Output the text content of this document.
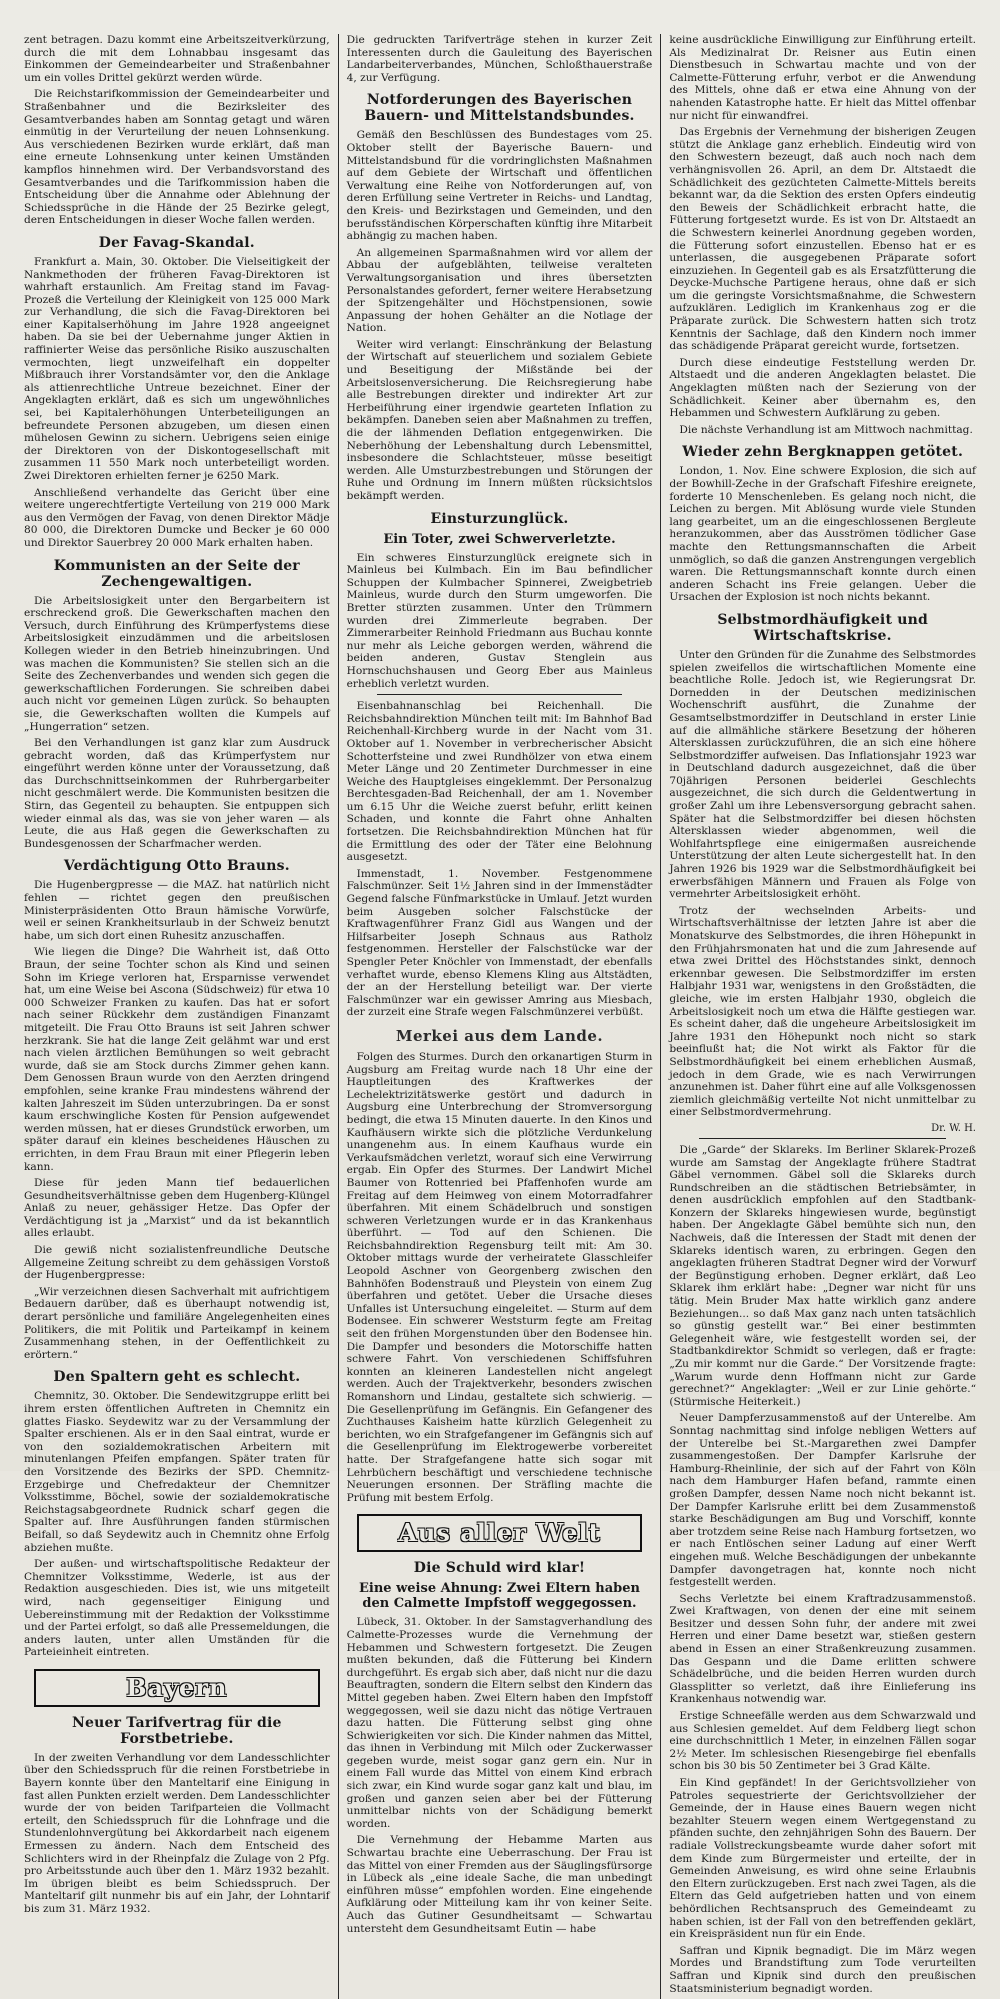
zent betragen. Dazu kommt eine Arbeitszeitverkürzung, durch die mit dem Lohnabbau insgesamt das Einkommen der Gemeindearbeiter und Straßenbahner um ein volles Drittel gekürzt werden würde.

Die Reichstarifkommission der Gemeindearbeiter und Straßenbahner und die Bezirksleiter des Gesamtverbandes haben am Sonntag getagt und wären einmütig in der Verurteilung der neuen Lohnsenkung. Aus verschiedenen Bezirken wurde erklärt, daß man eine erneute Lohnsenkung unter keinen Umständen kampflos hinnehmen wird. Der Verbandsvorstand des Gesamtverbandes und die Tarifkommission haben die Entscheidung über die Annahme oder Ablehnung der Schiedssprüche in die Hände der 25 Bezirke gelegt, deren Entscheidungen in dieser Woche fallen werden.

Der Favag-Skandal.

Frankfurt a. Main, 30. Oktober. Die Vielseitigkeit der Nankmethoden der früheren Favag-Direktoren ist wahrhaft erstaunlich. Am Freitag stand im Favag-Prozeß die Verteilung der Kleinigkeit von 125 000 Mark zur Verhandlung, die sich die Favag-Direktoren bei einer Kapitalserhöhung im Jahre 1928 angeeignet haben. Da sie bei der Uebernahme junger Aktien in raffinierter Weise das persönliche Risiko auszuschalten vermochten, liegt unzweifelhaft ein doppelter Mißbrauch ihrer Vorstandsämter vor, den die Anklage als attienrechtliche Untreue bezeichnet. Einer der Angeklagten erklärt, daß es sich um ungewöhnliches sei, bei Kapitalerhöhungen Unterbeteiligungen an befreundete Personen abzugeben, um diesen einen mühelosen Gewinn zu sichern. Uebrigens seien einige der Direktoren von der Diskontogesellschaft mit zusammen 11 550 Mark noch unterbeteiligt worden. Zwei Direktoren erhielten ferner je 6250 Mark.

Anschließend verhandelte das Gericht über eine weitere ungerechtfertigte Verteilung von 219 000 Mark aus den Vermögen der Favag, von denen Direktor Mädje 80 000, die Direktoren Dumcke und Becker je 60 000 und Direktor Sauerbrey 20 000 Mark erhalten haben.

Kommunisten an der Seite der Zechengewaltigen.

Die Arbeitslosigkeit unter den Bergarbeitern ist erschreckend groß. Die Gewerkschaften machen den Versuch, durch Einführung des Krümperfystems diese Arbeitslosigkeit einzudämmen und die arbeitslosen Kollegen wieder in den Betrieb hineinzubringen. Und was machen die Kommunisten? Sie stellen sich an die Seite des Zechenverbandes und wenden sich gegen die gewerkschaftlichen Forderungen. Sie schreiben dabei auch nicht vor gemeinen Lügen zurück. So behaupten sie, die Gewerkschaften wollten die Kumpels auf „Hungerration“ setzen.

Bei den Verhandlungen ist ganz klar zum Ausdruck gebracht worden, daß das Krümperfystem nur eingeführt werden könne unter der Voraussetzung, daß das Durchschnittseinkommen der Ruhrbergarbeiter nicht geschmälert werde. Die Kommunisten besitzen die Stirn, das Gegenteil zu behaupten. Sie entpuppen sich wieder einmal als das, was sie von jeher waren — als Leute, die aus Haß gegen die Gewerkschaften zu Bundesgenossen der Scharfmacher werden.

Verdächtigung Otto Brauns.

Die Hugenbergpresse — die MAZ. hat natürlich nicht fehlen — richtet gegen den preußischen Ministerpräsidenten Otto Braun hämische Vorwürfe, weil er seinen Krankheitsurlaub in der Schweiz benutzt habe, um sich dort einen Ruhesitz anzuschaffen.

Wie liegen die Dinge? Die Wahrheit ist, daß Otto Braun, der seine Tochter schon als Kind und seinen Sohn im Kriege verloren hat, Ersparnisse verwendet hat, um eine Weise bei Ascona (Südschweiz) für etwa 10 000 Schweizer Franken zu kaufen. Das hat er sofort nach seiner Rückkehr dem zuständigen Finanzamt mitgeteilt. Die Frau Otto Brauns ist seit Jahren schwer herzkrank. Sie hat die lange Zeit gelähmt war und erst nach vielen ärztlichen Bemühungen so weit gebracht wurde, daß sie am Stock durchs Zimmer gehen kann. Dem Genossen Braun wurde von den Aerzten dringend empfohlen, seine kranke Frau mindestens während der kalten Jahreszeit im Süden unterzubringen. Da er sonst kaum erschwingliche Kosten für Pension aufgewendet werden müssen, hat er dieses Grundstück erworben, um später darauf ein kleines bescheidenes Häuschen zu errichten, in dem Frau Braun mit einer Pflegerin leben kann.

Diese für jeden Mann tief bedauerlichen Gesundheitsverhältnisse geben dem Hugenberg-Klüngel Anlaß zu neuer, gehässiger Hetze. Das Opfer der Verdächtigung ist ja „Marxist“ und da ist bekanntlich alles erlaubt.

Die gewiß nicht sozialistenfreundliche Deutsche Allgemeine Zeitung schreibt zu dem gehässigen Vorstoß der Hugenbergpresse:

„Wir verzeichnen diesen Sachverhalt mit aufrichtigem Bedauern darüber, daß es überhaupt notwendig ist, derart persönliche und familiäre Angelegenheiten eines Politikers, die mit Politik und Parteikampf in keinem Zusammenhang stehen, in der Oeffentlichkeit zu erörtern.“

Den Spaltern geht es schlecht.

Chemnitz, 30. Oktober. Die Sendewitzgruppe erlitt bei ihrem ersten öffentlichen Auftreten in Chemnitz ein glattes Fiasko. Seydewitz war zu der Versammlung der Spalter erschienen. Als er in den Saal eintrat, wurde er von den sozialdemokratischen Arbeitern mit minutenlangen Pfeifen empfangen. Später traten für den Vorsitzende des Bezirks der SPD. Chemnitz-Erzgebirge und Chefredakteur der Chemnitzer Volksstimme, Böchel, sowie der sozialdemokratische Reichstagsabgeordnete Rudnick scharf gegen die Spalter auf. Ihre Ausführungen fanden stürmischen Beifall, so daß Seydewitz auch in Chemnitz ohne Erfolg abziehen mußte.

Der außen- und wirtschaftspolitische Redakteur der Chemnitzer Volksstimme, Wederle, ist aus der Redaktion ausgeschieden. Dies ist, wie uns mitgeteilt wird, nach gegenseitiger Einigung und Uebereinstimmung mit der Redaktion der Volksstimme und der Partei erfolgt, so daß alle Pressemeldungen, die anders lauten, unter allen Umständen für die Parteieinheit eintreten.

Bayern
Neuer Tarifvertrag für die Forstbetriebe.

In der zweiten Verhandlung vor dem Landesschlichter über den Schiedsspruch für die reinen Forstbetriebe in Bayern konnte über den Manteltarif eine Einigung in fast allen Punkten erzielt werden. Dem Landesschlichter wurde der von beiden Tarifparteien die Vollmacht erteilt, den Schiedsspruch für die Lohnfrage und die Stundenlohnvergütung bei Akkordarbeit nach eigenem Ermessen zu ändern. Nach dem Entscheid des Schlichters wird in der Rheinpfalz die Zulage von 2 Pfg. pro Arbeitsstunde auch über den 1. März 1932 bezahlt. Im übrigen bleibt es beim Schiedsspruch. Der Manteltarif gilt nunmehr bis auf ein Jahr, der Lohntarif bis zum 31. März 1932.

Die gedruckten Tarifverträge stehen in kurzer Zeit Interessenten durch die Gauleitung des Bayerischen Landarbeiterverbandes, München, Schloßthauerstraße 4, zur Verfügung.

Notforderungen des Bayerischen Bauern- und Mittelstandsbundes.

Gemäß den Beschlüssen des Bundestages vom 25. Oktober stellt der Bayerische Bauern- und Mittelstandsbund für die vordringlichsten Maßnahmen auf dem Gebiete der Wirtschaft und öffentlichen Verwaltung eine Reihe von Notforderungen auf, von deren Erfüllung seine Vertreter in Reichs- und Landtag, den Kreis- und Bezirkstagen und Gemeinden, und den berufsständischen Körperschaften künftig ihre Mitarbeit abhängig zu machen haben.

An allgemeinen Sparmaßnahmen wird vor allem der Abbau der aufgeblähten, teilweise veralteten Verwaltungsorganisation und ihres übersetzten Personalstandes gefordert, ferner weitere Herabsetzung der Spitzengehälter und Höchstpensionen, sowie Anpassung der hohen Gehälter an die Notlage der Nation.

Weiter wird verlangt: Einschränkung der Belastung der Wirtschaft auf steuerlichem und sozialem Gebiete und Beseitigung der Mißstände bei der Arbeitslosenversicherung. Die Reichsregierung habe alle Bestrebungen direkter und indirekter Art zur Herbeiführung einer irgendwie gearteten Inflation zu bekämpfen. Daneben seien aber Maßnahmen zu treffen, die der lähmenden Deflation entgegenwirken. Die Neberhöhung der Lebenshaltung durch Lebensmittel, insbesondere die Schlachtsteuer, müsse beseitigt werden. Alle Umsturzbestrebungen und Störungen der Ruhe und Ordnung im Innern müßten rücksichtslos bekämpft werden.

Einsturzunglück.
Ein Toter, zwei Schwerverletzte.

Ein schweres Einsturzunglück ereignete sich in Mainleus bei Kulmbach. Ein im Bau befindlicher Schuppen der Kulmbacher Spinnerei, Zweigbetrieb Mainleus, wurde durch den Sturm umgeworfen. Die Bretter stürzten zusammen. Unter den Trümmern wurden drei Zimmerleute begraben. Der Zimmerarbeiter Reinhold Friedmann aus Buchau konnte nur mehr als Leiche geborgen werden, während die beiden anderen, Gustav Stenglein aus Hornschuchshausen und Georg Eber aus Mainleus erheblich verletzt wurden.

Eisenbahnanschlag bei Reichenhall. Die Reichsbahndirektion München teilt mit: Im Bahnhof Bad Reichenhall-Kirchberg wurde in der Nacht vom 31. Oktober auf 1. November in verbrecherischer Absicht Schotterfsteine und zwei Rundhölzer von etwa einem Meter Länge und 20 Zentimeter Durchmesser in eine Weiche des Hauptgleises eingeklemmt. Der Personalzug Berchtesgaden-Bad Reichenhall, der am 1. November um 6.15 Uhr die Weiche zuerst befuhr, erlitt keinen Schaden, und konnte die Fahrt ohne Anhalten fortsetzen. Die Reichsbahndirektion München hat für die Ermittlung des oder der Täter eine Belohnung ausgesetzt.

Immenstadt, 1. November. Festgenommene Falschmünzer. Seit 1½ Jahren sind in der Immenstädter Gegend falsche Fünfmarkstücke in Umlauf. Jetzt wurden beim Ausgeben solcher Falschstücke der Kraftwagenführer Franz Gidl aus Wangen und der Hilfsarbeiter Joseph Schnaus aus Ratholz festgenommen. Hersteller der Falschstücke war der Spengler Peter Knöchler von Immenstadt, der ebenfalls verhaftet wurde, ebenso Klemens Kling aus Altstädten, der an der Herstellung beteiligt war. Der vierte Falschmünzer war ein gewisser Amring aus Miesbach, der zurzeit eine Strafe wegen Falschmünzerei verbüßt.

Merkei aus dem Lande.

Folgen des Sturmes. Durch den orkanartigen Sturm in Augsburg am Freitag wurde nach 18 Uhr eine der Hauptleitungen des Kraftwerkes der Lechelektrizitätswerke gestört und dadurch in Augsburg eine Unterbrechung der Stromversorgung bedingt, die etwa 15 Minuten dauerte. In den Kinos und Kaufhäusern wirkte sich die plötzliche Verdunkelung unangenehm aus. In einem Kaufhaus wurde ein Verkaufsmädchen verletzt, worauf sich eine Verwirrung ergab. Ein Opfer des Sturmes. Der Landwirt Michel Baumer von Rottenried bei Pfaffenhofen wurde am Freitag auf dem Heimweg von einem Motorradfahrer überfahren. Mit einem Schädelbruch und sonstigen schweren Verletzungen wurde er in das Krankenhaus überführt. — Tod auf den Schienen. Die Reichsbahndirektion Regensburg teilt mit: Am 30. Oktober mittags wurde der verheiratete Glasschleifer Leopold Aschner von Georgenberg zwischen den Bahnhöfen Bodenstrauß und Pleystein von einem Zug überfahren und getötet. Ueber die Ursache dieses Unfalles ist Untersuchung eingeleitet. — Sturm auf dem Bodensee. Ein schwerer Weststurm fegte am Freitag seit den frühen Morgenstunden über den Bodensee hin. Die Dampfer und besonders die Motorschiffe hatten schwere Fahrt. Von verschiedenen Schiffsfuhren konnten an kleineren Landestellen nicht angelegt werden. Auch der Trajektverkehr, besonders zwischen Romanshorn und Lindau, gestaltete sich schwierig. — Die Gesellenprüfung im Gefängnis. Ein Gefangener des Zuchthauses Kaisheim hatte kürzlich Gelegenheit zu berichten, wo ein Strafgefangener im Gefängnis sich auf die Gesellenprüfung im Elektrogewerbe vorbereitet hatte. Der Strafgefangene hatte sich sogar mit Lehrbüchern beschäftigt und verschiedene technische Neuerungen ersonnen. Der Sträfling machte die Prüfung mit bestem Erfolg.

Aus aller Welt
Die Schuld wird klar!
Eine weise Ahnung: Zwei Eltern haben den Calmette Impfstoff weggegossen.

Lübeck, 31. Oktober. In der Samstagverhandlung des Calmette-Prozesses wurde die Vernehmung der Hebammen und Schwestern fortgesetzt. Die Zeugen mußten bekunden, daß die Fütterung bei Kindern durchgeführt. Es ergab sich aber, daß nicht nur die dazu Beauftragten, sondern die Eltern selbst den Kindern das Mittel gegeben haben. Zwei Eltern haben den Impfstoff weggegossen, weil sie dazu nicht das nötige Vertrauen dazu hatten. Die Fütterung selbst ging ohne Schwierigkeiten vor sich. Die Kinder nahmen das Mittel, das ihnen in Verbindung mit Milch oder Zuckerwasser gegeben wurde, meist sogar ganz gern ein. Nur in einem Fall wurde das Mittel von einem Kind erbrach sich zwar, ein Kind wurde sogar ganz kalt und blau, im großen und ganzen seien aber bei der Fütterung unmittelbar nichts von der Schädigung bemerkt worden.

Die Vernehmung der Hebamme Marten aus Schwartau brachte eine Ueberraschung. Der Frau ist das Mittel von einer Fremden aus der Säuglingsfürsorge in Lübeck als „eine ideale Sache, die man unbedingt einführen müsse“ empfohlen worden. Eine eingehende Aufklärung oder Mitteilung kam ihr von keiner Seite. Auch das Gutiner Gesundheitsamt — Schwartau untersteht dem Gesundheitsamt Eutin — habe

keine ausdrückliche Einwilligung zur Einführung erteilt. Als Medizinalrat Dr. Reisner aus Eutin einen Dienstbesuch in Schwartau machte und von der Calmette-Fütterung erfuhr, verbot er die Anwendung des Mittels, ohne daß er etwa eine Ahnung von der nahenden Katastrophe hatte. Er hielt das Mittel offenbar nur nicht für einwandfrei.

Das Ergebnis der Vernehmung der bisherigen Zeugen stützt die Anklage ganz erheblich. Eindeutig wird von den Schwestern bezeugt, daß auch noch nach dem verhängnisvollen 26. April, an dem Dr. Altstaedt die Schädlichkeit des gezüchteten Calmette-Mittels bereits bekannt war, da die Sektion des ersten Opfers eindeutig den Beweis der Schädlichkeit erbracht hatte, die Fütterung fortgesetzt wurde. Es ist von Dr. Altstaedt an die Schwestern keinerlei Anordnung gegeben worden, die Fütterung sofort einzustellen. Ebenso hat er es unterlassen, die ausgegebenen Präparate sofort einzuziehen. In Gegenteil gab es als Ersatzfütterung die Deycke-Muchsche Partigene heraus, ohne daß er sich um die geringste Vorsichtsmaßnahme, die Schwestern aufzuklären. Lediglich im Krankenhaus zog er die Präparate zurück. Die Schwestern hatten sich trotz Kenntnis der Sachlage, daß den Kindern noch immer das schädigende Präparat gereicht wurde, fortsetzen.

Durch diese eindeutige Feststellung werden Dr. Altstaedt und die anderen Angeklagten belastet. Die Angeklagten müßten nach der Sezierung von der Schädlichkeit. Keiner aber übernahm es, den Hebammen und Schwestern Aufklärung zu geben.

Die nächste Verhandlung ist am Mittwoch nachmittag.

Wieder zehn Bergknappen getötet.

London, 1. Nov. Eine schwere Explosion, die sich auf der Bowhill-Zeche in der Grafschaft Fifeshire ereignete, forderte 10 Menschenleben. Es gelang noch nicht, die Leichen zu bergen. Mit Ablösung wurde viele Stunden lang gearbeitet, um an die eingeschlossenen Bergleute heranzukommen, aber das Ausströmen tödlicher Gase machte den Rettungsmannschaften die Arbeit unmöglich, so daß die ganzen Anstrengungen vergeblich waren. Die Rettungsmannschaft konnte durch einen anderen Schacht ins Freie gelangen. Ueber die Ursachen der Explosion ist noch nichts bekannt.

Selbstmordhäufigkeit und Wirtschaftskrise.

Unter den Gründen für die Zunahme des Selbstmordes spielen zweifellos die wirtschaftlichen Momente eine beachtliche Rolle. Jedoch ist, wie Regierungsrat Dr. Dornedden in der Deutschen medizinischen Wochenschrift ausführt, die Zunahme der Gesamtselbstmordziffer in Deutschland in erster Linie auf die allmähliche stärkere Besetzung der höheren Altersklassen zurückzuführen, die an sich eine höhere Selbstmordziffer aufweisen. Das Inflationsjahr 1923 war in Deutschland dadurch ausgezeichnet, daß die über 70jährigen Personen beiderlei Geschlechts ausgezeichnet, die sich durch die Geldentwertung in großer Zahl um ihre Lebensversorgung gebracht sahen. Später hat die Selbstmordziffer bei diesen höchsten Altersklassen wieder abgenommen, weil die Wohlfahrtspflege eine einigermaßen ausreichende Unterstützung der alten Leute sichergestellt hat. In den Jahren 1926 bis 1929 war die Selbstmordhäufigkeit bei erwerbsfähigen Männern und Frauen als Folge von vermehrter Arbeitslosigkeit erhöht.

Trotz der wechselnden Arbeits- und Wirtschaftsverhältnisse der letzten Jahre ist aber die Monatskurve des Selbstmordes, die ihren Höhepunkt in den Frühjahrsmonaten hat und die zum Jahresende auf etwa zwei Drittel des Höchststandes sinkt, dennoch erkennbar gewesen. Die Selbstmordziffer im ersten Halbjahr 1931 war, wenigstens in den Großstädten, die gleiche, wie im ersten Halbjahr 1930, obgleich die Arbeitslosigkeit noch um etwa die Hälfte gestiegen war. Es scheint daher, daß die ungeheure Arbeitslosigkeit im Jahre 1931 den Höhepunkt noch nicht so stark beeinflußt hat; die Not wirkt als Faktor für die Selbstmordhäufigkeit bei einem erheblichen Ausmaß, jedoch in dem Grade, wie es nach Verwirrungen anzunehmen ist. Daher führt eine auf alle Volksgenossen ziemlich gleichmäßig verteilte Not nicht unmittelbar zu einer Selbstmordvermehrung.

Dr. W. H.

Die „Garde“ der Sklareks. Im Berliner Sklarek-Prozeß wurde am Samstag der Angeklagte frühere Stadtrat Gäbel vernommen. Gäbel soll die Sklareks durch Rundschreiben an die städtischen Betriebsämter, in denen ausdrücklich empfohlen auf den Stadtbank-Konzern der Sklareks hingewiesen wurde, begünstigt haben. Der Angeklagte Gäbel bemühte sich nun, den Nachweis, daß die Interessen der Stadt mit denen der Sklareks identisch waren, zu erbringen. Gegen den angeklagten früheren Stadtrat Degner wird der Vorwurf der Begünstigung erhoben. Degner erklärt, daß Leo Sklarek ihm erklärt habe: „Degner war nicht für uns tätig. Mein Bruder Max hatte wirklich ganz andere Beziehungen... so daß Max ganz nach unten tatsächlich so günstig gestellt war.“ Bei einer bestimmten Gelegenheit wäre, wie festgestellt worden sei, der Stadtbankdirektor Schmidt so verlegen, daß er fragte: „Zu mir kommt nur die Garde.“ Der Vorsitzende fragte: „Warum wurde denn Hoffmann nicht zur Garde gerechnet?“ Angeklagter: „Weil er zur Linie gehörte.“ (Stürmische Heiterkeit.)

Neuer Dampferzusammenstoß auf der Unterelbe. Am Sonntag nachmittag sind infolge nebligen Wetters auf der Unterelbe bei St.-Margarethen zwei Dampfer zusammengestoßen. Der Dampfer Karlsruhe der Hamburg-Rheinlinie, der sich auf der Fahrt von Köln nach dem Hamburger Hafen befand, rammte einen großen Dampfer, dessen Name noch nicht bekannt ist. Der Dampfer Karlsruhe erlitt bei dem Zusammenstoß starke Beschädigungen am Bug und Vorschiff, konnte aber trotzdem seine Reise nach Hamburg fortsetzen, wo er nach Entlöschen seiner Ladung auf einer Werft eingehen muß. Welche Beschädigungen der unbekannte Dampfer davongetragen hat, konnte noch nicht festgestellt werden.

Sechs Verletzte bei einem Kraftradzusammenstoß. Zwei Kraftwagen, von denen der eine mit seinem Besitzer und dessen Sohn fuhr, der andere mit zwei Herren und einer Dame besetzt war, stießen gestern abend in Essen an einer Straßenkreuzung zusammen. Das Gespann und die Dame erlitten schwere Schädelbrüche, und die beiden Herren wurden durch Glassplitter so verletzt, daß ihre Einlieferung ins Krankenhaus notwendig war.

Erstige Schneefälle werden aus dem Schwarzwald und aus Schlesien gemeldet. Auf dem Feldberg liegt schon eine durchschnittlich 1 Meter, in einzelnen Fällen sogar 2½ Meter. Im schlesischen Riesengebirge fiel ebenfalls schon bis 30 bis 50 Zentimeter bei 3 Grad Kälte.

Ein Kind gepfändet! In der Gerichtsvollzieher von Patroles sequestrierte der Gerichtsvollzieher der Gemeinde, der in Hause eines Bauern wegen nicht bezahlter Steuern wegen einem Wertgegenstand zu pfänden suchte, den zehnjährigen Sohn des Bauern. Der radiale Vollstreckungsbeamte wurde daher sofort mit dem Kinde zum Bürgermeister und erteilte, der in Gemeinden Anweisung, es wird ohne seine Erlaubnis den Eltern zurückzugeben. Erst nach zwei Tagen, als die Eltern das Geld aufgetrieben hatten und von einem behördlichen Rechtsanspruch des Gemeindeamt zu haben schien, ist der Fall von den betreffenden geklärt, ein Kreispräsident nun für ein Ende.

Saffran und Kipnik begnadigt. Die im März wegen Mordes und Brandstiftung zum Tode verurteilten Saffran und Kipnik sind durch den preußischen Staatsministerium begnadigt worden.
